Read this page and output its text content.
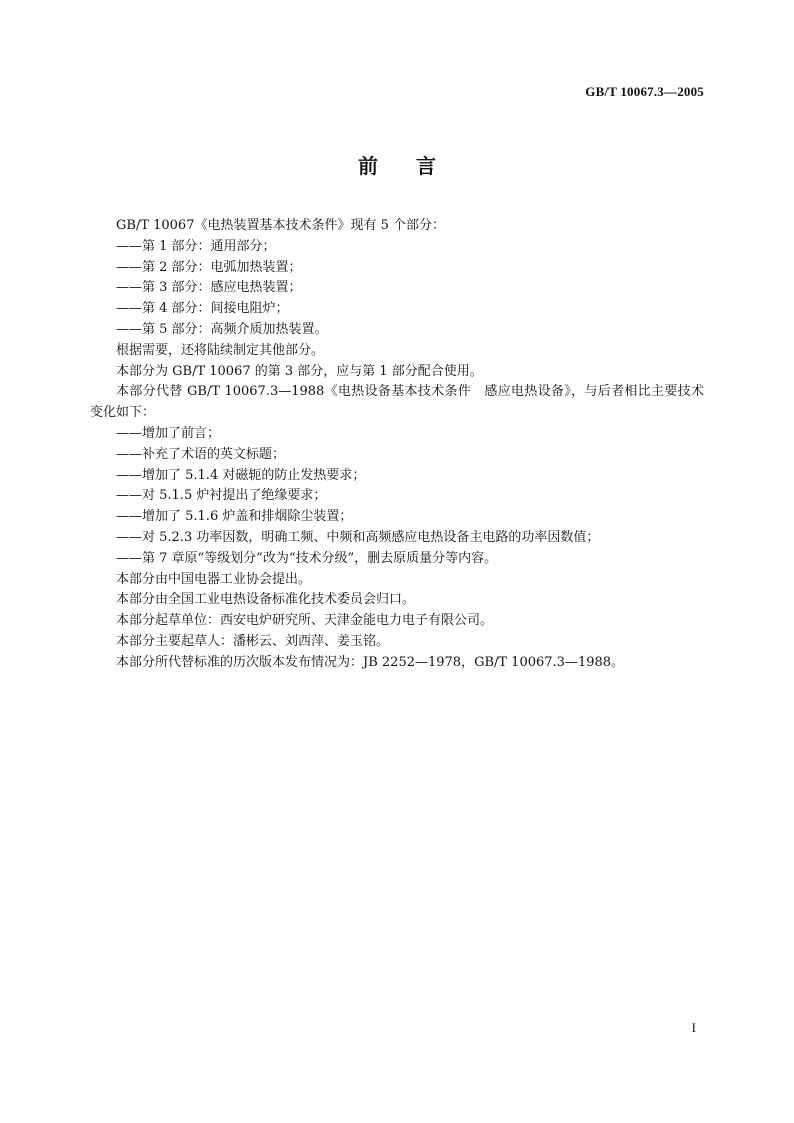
GB/T 10067.3—2005
前言

GB/T 10067《电热装置基本技术条件》现有 5 个部分：

——第 1 部分：通用部分；

——第 2 部分：电弧加热装置；

——第 3 部分：感应电热装置；

——第 4 部分：间接电阻炉；

——第 5 部分：高频介质加热装置。

根据需要，还将陆续制定其他部分。

本部分为 GB/T 10067 的第 3 部分，应与第 1 部分配合使用。

本部分代替 GB/T 10067.3—1988《电热设备基本技术条件　感应电热设备》，与后者相比主要技术变化如下：

——增加了前言；

——补充了术语的英文标题；

——增加了 5.1.4 对磁轭的防止发热要求；

——对 5.1.5 炉衬提出了绝缘要求；

——增加了 5.1.6 炉盖和排烟除尘装置；

——对 5.2.3 功率因数，明确工频、中频和高频感应电热设备主电路的功率因数值；

——第 7 章原“等级划分”改为“技术分级”，删去原质量分等内容。

本部分由中国电器工业协会提出。

本部分由全国工业电热设备标准化技术委员会归口。

本部分起草单位：西安电炉研究所、天津金能电力电子有限公司。

本部分主要起草人：潘彬云、刘西萍、姜玉铭。

本部分所代替标准的历次版本发布情况为：JB 2252—1978，GB/T 10067.3—1988。

I
